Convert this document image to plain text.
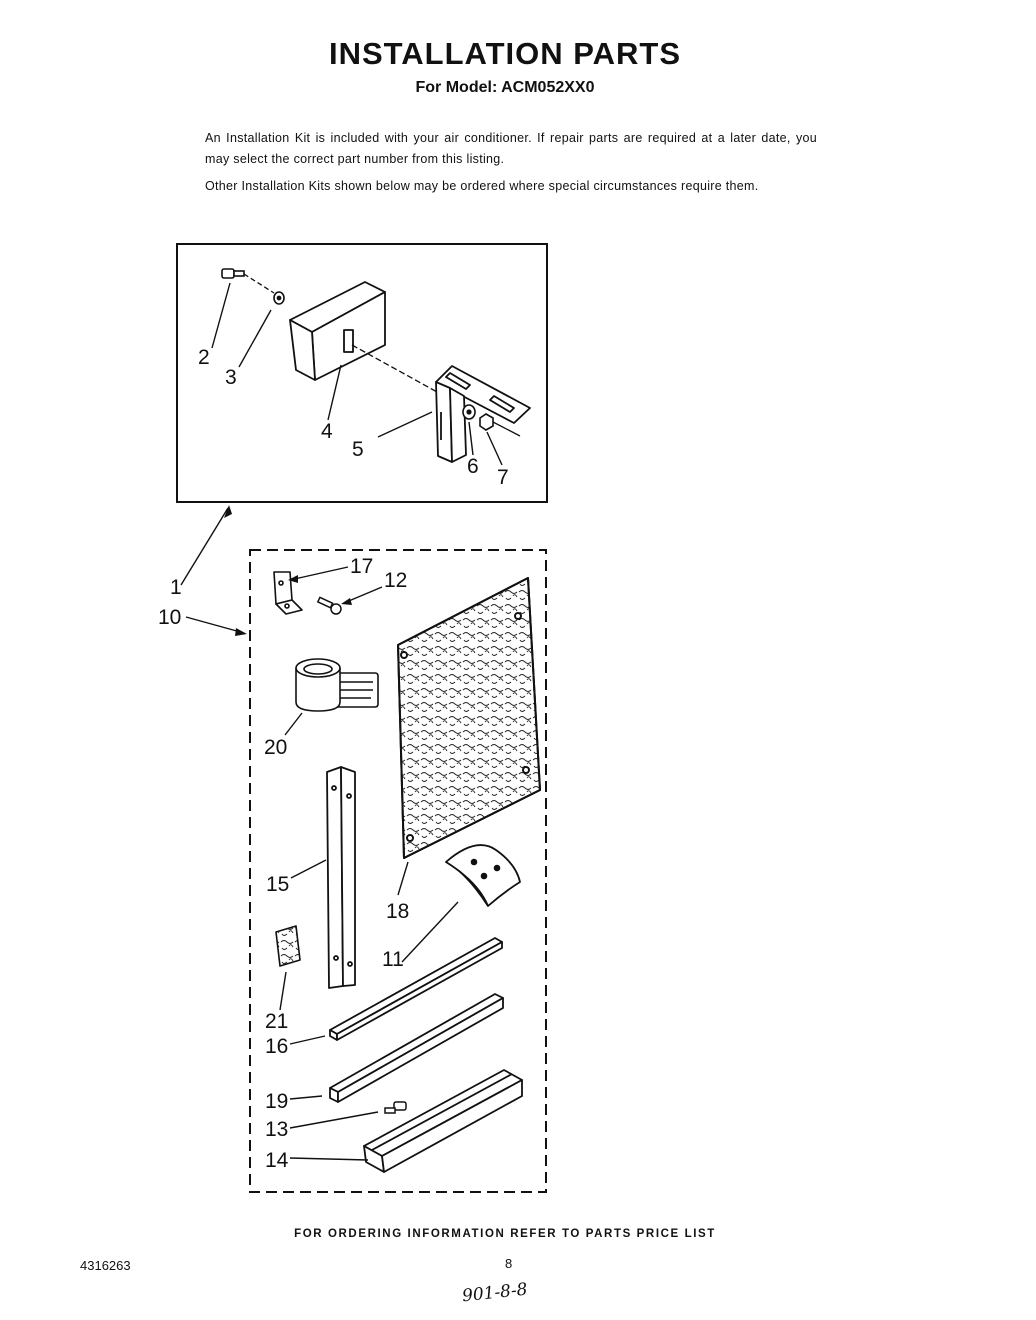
INSTALLATION PARTS
For Model: ACM052XX0
An Installation Kit is included with your air conditioner. If repair parts are required at a later date, you may select the correct part number from this listing.
Other Installation Kits shown below may be ordered where special circumstances require them.
2
3
4
5
6 7
1
10
17
12
20
15
18
11
21
16
19
13
14
FOR ORDERING INFORMATION REFER TO PARTS PRICE LIST
4316263	8
901-8-8
